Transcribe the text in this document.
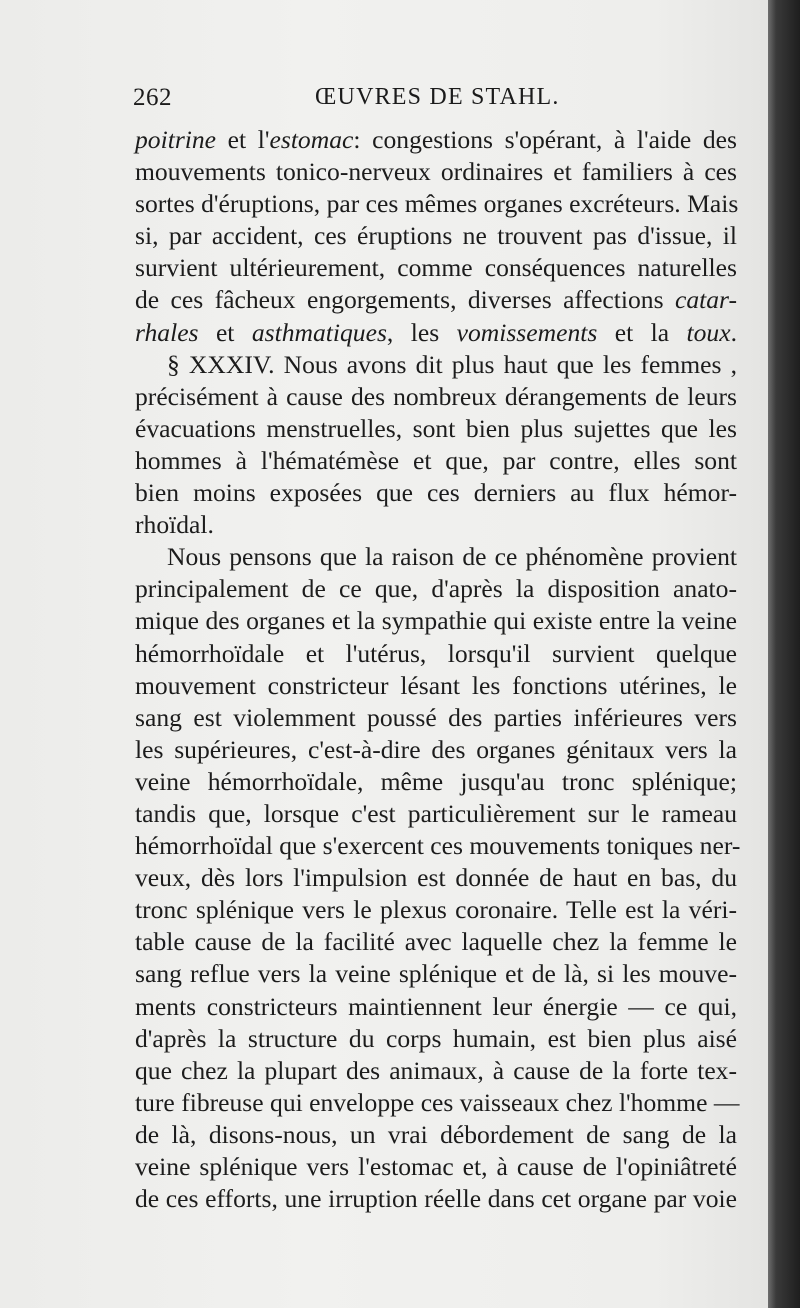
262	ŒUVRES DE STAHL.
poitrine et l'estomac: congestions s'opérant, à l'aide des
mouvements tonico-nerveux ordinaires et familiers à ces
sortes d'éruptions, par ces mêmes organes excréteurs. Mais
si, par accident, ces éruptions ne trouvent pas d'issue, il
survient ultérieurement, comme conséquences naturelles
de ces fâcheux engorgements, diverses affections catar-
rhales et asthmatiques, les vomissements et la toux.
§ XXXIV. Nous avons dit plus haut que les femmes ,
précisément à cause des nombreux dérangements de leurs
évacuations menstruelles, sont bien plus sujettes que les
hommes à l'hématémèse et que, par contre, elles sont
bien moins exposées que ces derniers au flux hémor-
rhoïdal.
Nous pensons que la raison de ce phénomène provient
principalement de ce que, d'après la disposition anato-
mique des organes et la sympathie qui existe entre la veine
hémorrhoïdale et l'utérus, lorsqu'il survient quelque
mouvement constricteur lésant les fonctions utérines, le
sang est violemment poussé des parties inférieures vers
les supérieures, c'est-à-dire des organes génitaux vers la
veine hémorrhoïdale, même jusqu'au tronc splénique;
tandis que, lorsque c'est particulièrement sur le rameau
hémorrhoïdal que s'exercent ces mouvements toniques ner-
veux, dès lors l'impulsion est donnée de haut en bas, du
tronc splénique vers le plexus coronaire. Telle est la véri-
table cause de la facilité avec laquelle chez la femme le
sang reflue vers la veine splénique et de là, si les mouve-
ments constricteurs maintiennent leur énergie — ce qui,
d'après la structure du corps humain, est bien plus aisé
que chez la plupart des animaux, à cause de la forte tex-
ture fibreuse qui enveloppe ces vaisseaux chez l'homme —
de là, disons-nous, un vrai débordement de sang de la
veine splénique vers l'estomac et, à cause de l'opiniâtreté
de ces efforts, une irruption réelle dans cet organe par voie
